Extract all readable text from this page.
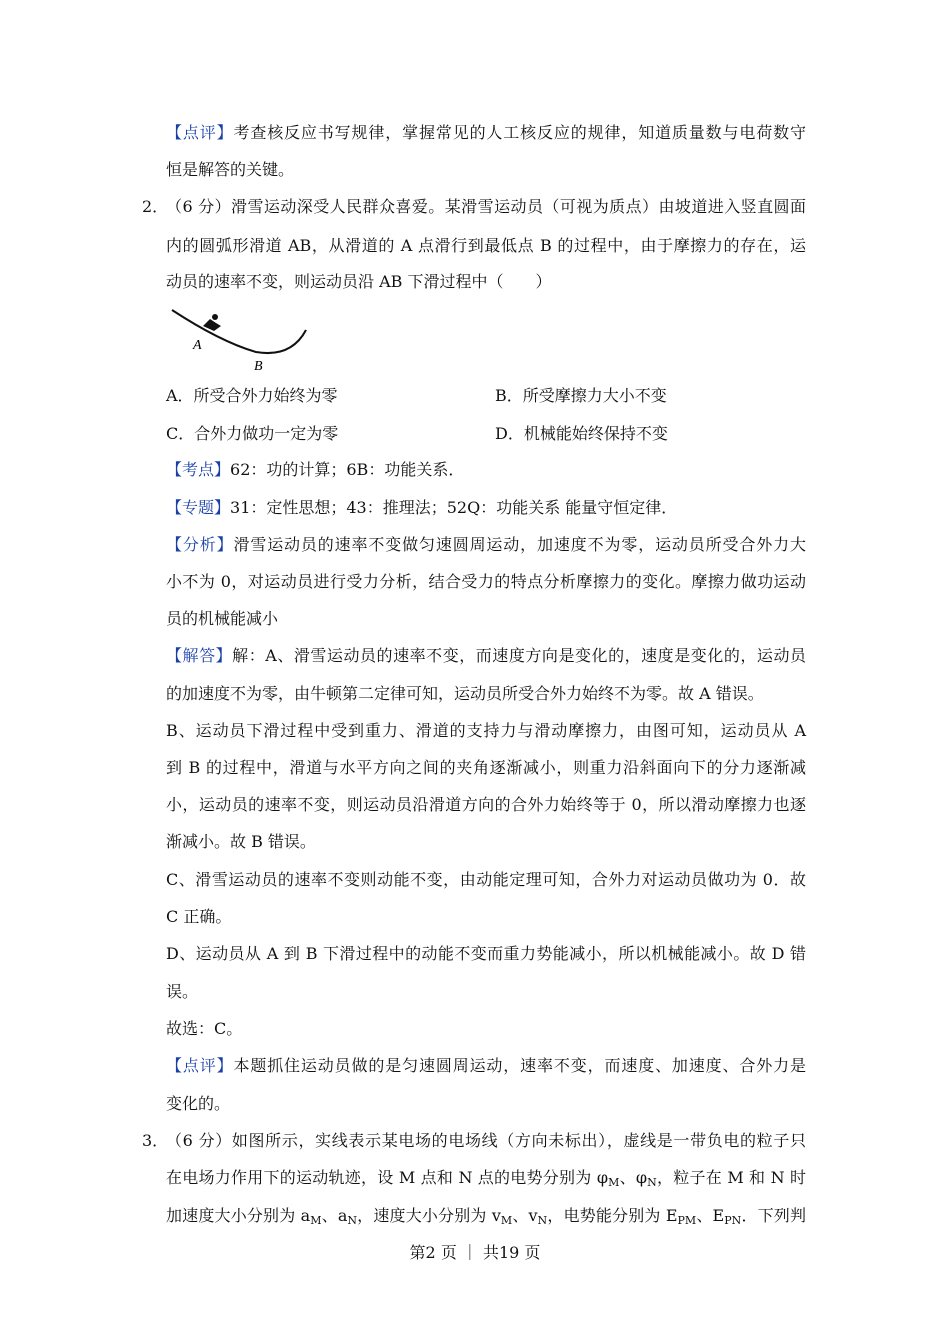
【点评】考查核反应书写规律，掌握常见的人工核反应的规律，知道质量数与电荷数守
恒是解答的关键。
2．
（6 分）滑雪运动深受人民群众喜爱。某滑雪运动员（可视为质点）由坡道进入竖直圆面
内的圆弧形滑道 AB，从滑道的 A 点滑行到最低点 B 的过程中，由于摩擦力的存在，运
动员的速率不变，则运动员沿 AB 下滑过程中（　　）
A
B
A．所受合外力始终为零	B．所受摩擦力大小不变
C．合外力做功一定为零	D．机械能始终保持不变
【考点】62：功的计算；6B：功能关系．
【专题】31：定性思想；43：推理法；52Q：功能关系 能量守恒定律．
【分析】滑雪运动员的速率不变做匀速圆周运动，加速度不为零，运动员所受合外力大
小不为 0，对运动员进行受力分析，结合受力的特点分析摩擦力的变化。摩擦力做功运动
员的机械能减小
【解答】解：A、滑雪运动员的速率不变，而速度方向是变化的，速度是变化的，运动员
的加速度不为零，由牛顿第二定律可知，运动员所受合外力始终不为零。故 A 错误。
B、运动员下滑过程中受到重力、滑道的支持力与滑动摩擦力，由图可知，运动员从 A
到 B 的过程中，滑道与水平方向之间的夹角逐渐减小，则重力沿斜面向下的分力逐渐减
小，运动员的速率不变，则运动员沿滑道方向的合外力始终等于 0，所以滑动摩擦力也逐
渐减小。故 B 错误。
C、滑雪运动员的速率不变则动能不变，由动能定理可知，合外力对运动员做功为 0．故
C 正确。
D、运动员从 A 到 B 下滑过程中的动能不变而重力势能减小，所以机械能减小。故 D 错
误。
故选：C。
【点评】本题抓住运动员做的是匀速圆周运动，速率不变，而速度、加速度、合外力是
变化的。
3．
（6 分）如图所示，实线表示某电场的电场线（方向未标出），虚线是一带负电的粒子只
在电场力作用下的运动轨迹，设 M 点和 N 点的电势分别为 $\varphi_M$、$\varphi_N$，粒子在 M 和 N 时
加速度大小分别为 $a_M$、$a_N$，速度大小分别为 $v_M$、$v_N$，电势能分别为 $E_{PM}$、$E_{PN}$．下列判
第2 页 ｜ 共19 页
